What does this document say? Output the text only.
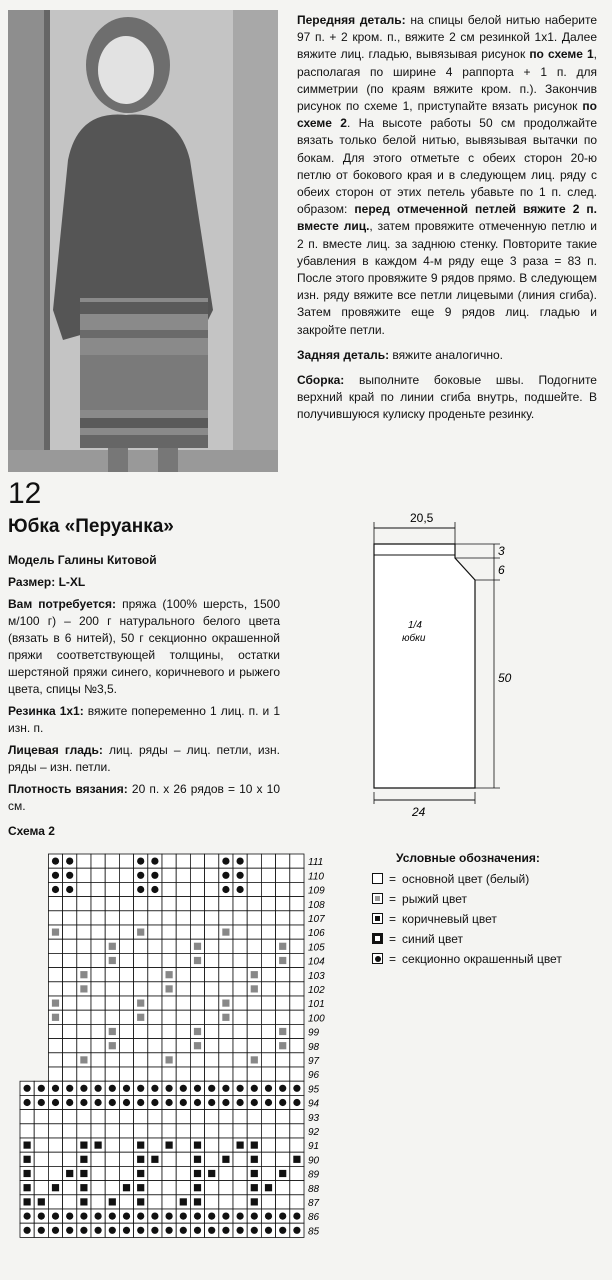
Передняя деталь: на спицы белой нитью наберите 97 п. + 2 кром. п., вяжите 2 см резинкой 1х1. Далее вяжите лиц. гладью, вывязывая рисунок по схеме 1, располагая по ширине 4 раппорта + 1 п. для симметрии (по краям вяжите кром. п.). Закончив рисунок по схеме 1, приступайте вязать рисунок по схеме 2. На высоте работы 50 см продолжайте вязать только белой нитью, вывязывая вытачки по бокам. Для этого отметьте с обеих сторон 20-ю петлю от бокового края и в следующем лиц. ряду с обеих сторон от этих петель убавьте по 1 п. след. образом: перед отмеченной петлей вяжите 2 п. вместе лиц., затем провяжите отмеченную петлю и 2 п. вместе лиц. за заднюю стенку. Повторите такие убавления в каждом 4-м ряду еще 3 раза = 83 п. После этого провяжите 9 рядов прямо. В следующем изн. ряду вяжите все петли лицевыми (линия сгиба). Затем провяжите еще 9 рядов лиц. гладью и закройте петли.

Задняя деталь: вяжите аналогично.

Сборка: выполните боковые швы. Подогните верхний край по линии сгиба внутрь, подшейте. В получившуюся кулиску проденьте резинку.

12
Юбка «Перуанка»

Модель Галины Китовой

Размер: L-XL

Вам потребуется: пряжа (100% шерсть, 1500 м/100 г) – 200 г натурального белого цвета (вязать в 6 нитей), 50 г секционно окрашенной пряжи соответствующей толщины, остатки шерстяной пряжи синего, коричневого и рыжего цвета, спицы №3,5.

Резинка 1х1: вяжите попеременно 1 лиц. п. и 1 изн. п.

Лицевая гладь: лиц. ряды – лиц. петли, изн. ряды – изн. петли.

Плотность вязания: 20 п. х 26 рядов = 10 х 10 см.

20,5
3
6
50
1/4
юбки
24
Схема 2
111
110
109
108
107
106
105
104
103
102
101
100
99
98
97
96
95
94
93
92
91
90
89
88
87
86
85
Условные обозначения:
= основной цвет (белый)
= рыжий цвет
= коричневый цвет
= синий цвет
= секционно окрашенный цвет
